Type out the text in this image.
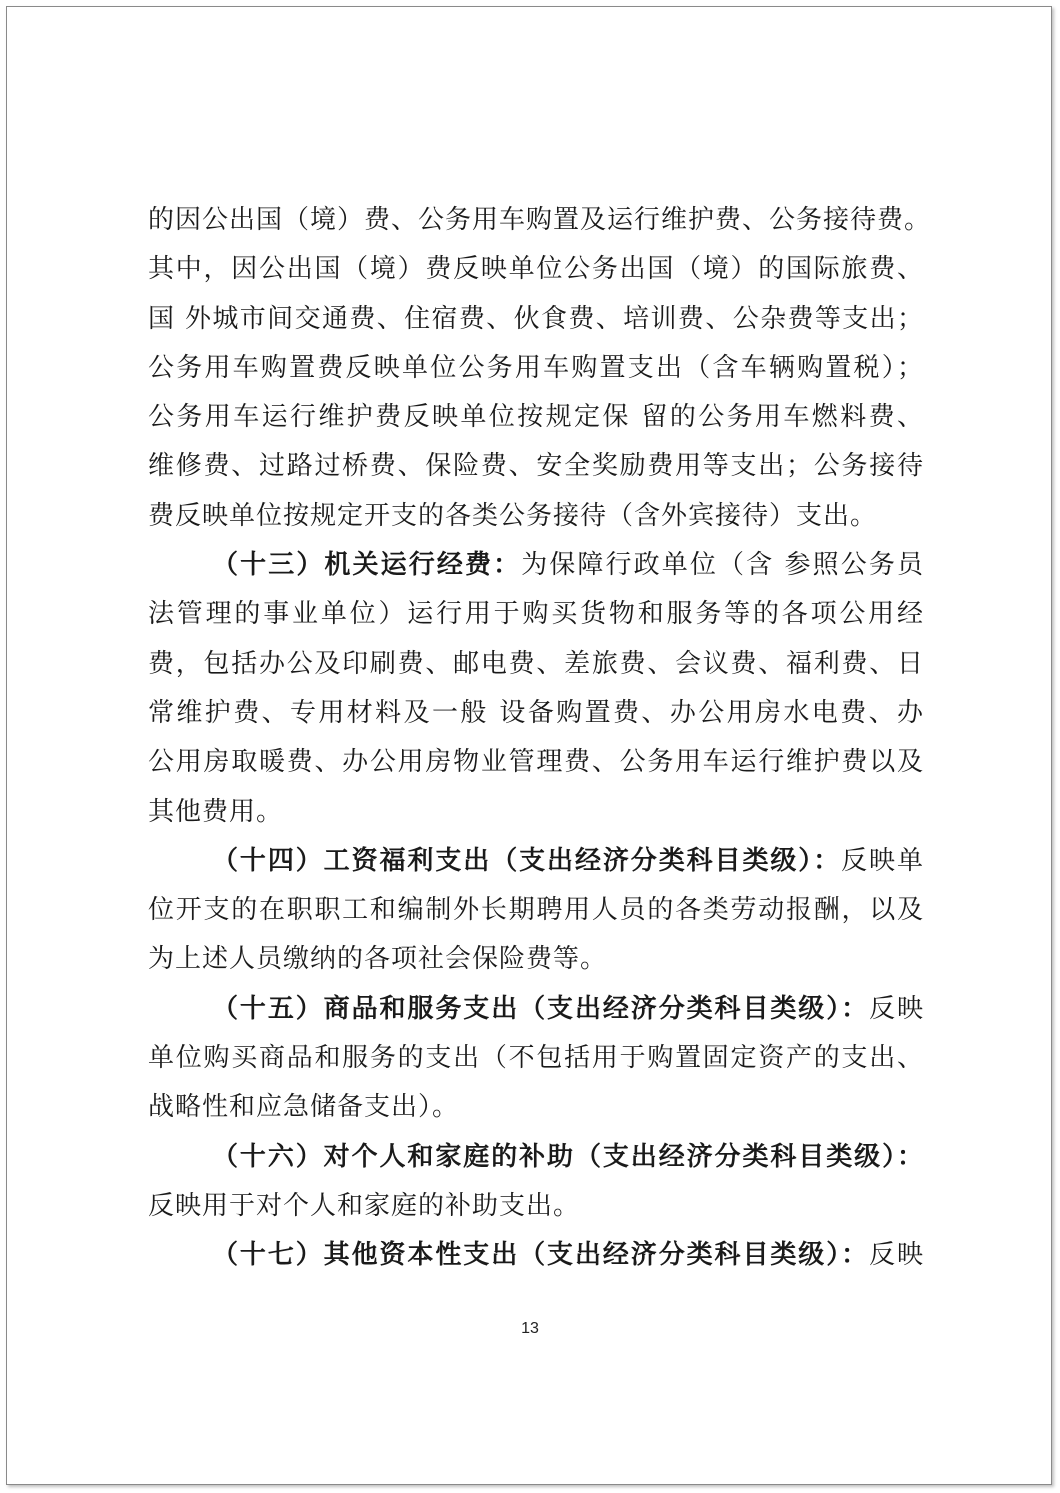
的因公出国（境）费、公务用车购置及运行维护费、公务接待费。
其中，因公出国（境）费反映单位公务出国（境）的国际旅费、
国 外城市间交通费、住宿费、伙食费、培训费、公杂费等支出；
公务用车购置费反映单位公务用车购置支出（含车辆购置税）；
公务用车运行维护费反映单位按规定保 留的公务用车燃料费、
维修费、过路过桥费、保险费、安全奖励费用等支出；公务接待
费反映单位按规定开支的各类公务接待（含外宾接待）支出。
（十三）机关运行经费：为保障行政单位（含 参照公务员
法管理的事业单位）运行用于购买货物和服务等的各项公用经
费，包括办公及印刷费、邮电费、差旅费、会议费、福利费、日
常维护费、专用材料及一般 设备购置费、办公用房水电费、办
公用房取暖费、办公用房物业管理费、公务用车运行维护费以及
其他费用。
（十四）工资福利支出（支出经济分类科目类级）：反映单
位开支的在职职工和编制外长期聘用人员的各类劳动报酬，以及
为上述人员缴纳的各项社会保险费等。
（十五）商品和服务支出（支出经济分类科目类级）：反映
单位购买商品和服务的支出（不包括用于购置固定资产的支出、
战略性和应急储备支出）。
（十六）对个人和家庭的补助（支出经济分类科目类级）：
反映用于对个人和家庭的补助支出。
（十七）其他资本性支出（支出经济分类科目类级）：反映
13
